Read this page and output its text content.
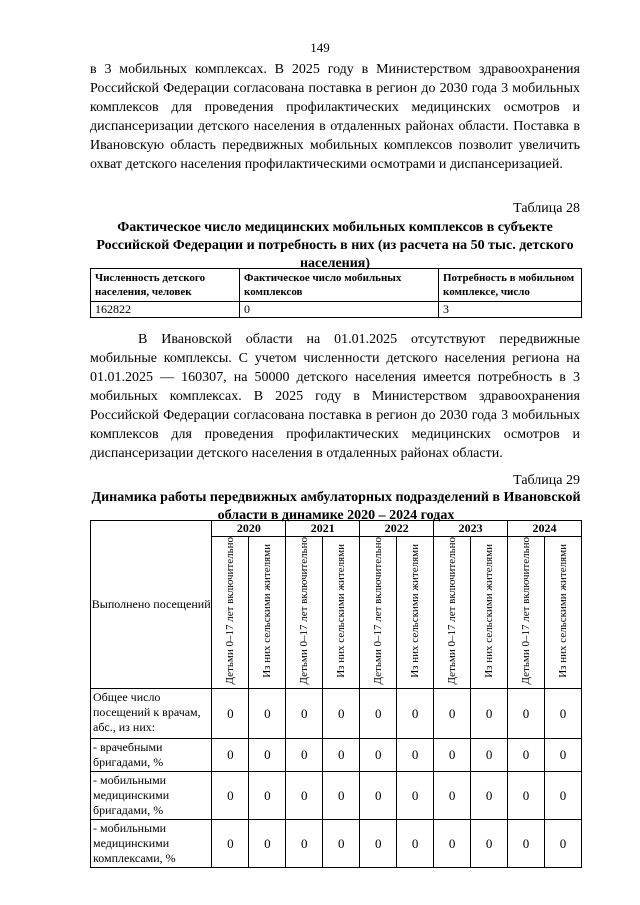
149

в 3 мобильных комплексах. В 2025 году в Министерством здравоохранения Российской Федерации согласована поставка в регион до 2030 года 3 мобильных комплексов для проведения профилактических медицинских осмотров и диспансеризации детского населения в отдаленных районах области. Поставка в Ивановскую область передвижных мобильных комплексов позволит увеличить охват детского населения профилактическими осмотрами и диспансеризацией.

Таблица 28

Фактическое число медицинских мобильных комплексов в субъекте Российской Федерации и потребность в них (из расчета на 50 тыс. детского населения)

Численность детского населения, человек	Фактическое число мобильных комплексов	Потребность в мобильном комплексе, число
162822	0	3

В Ивановской области на 01.01.2025 отсутствуют передвижные мобильные комплексы. С учетом численности детского населения региона на 01.01.2025 — 160307, на 50000 детского населения имеется потребность в 3 мобильных комплексах. В 2025 году в Министерством здравоохранения Российской Федерации согласована поставка в регион до 2030 года 3 мобильных комплексов для проведения профилактических медицинских осмотров и диспансеризации детского населения в отдаленных районах области.

Таблица 29

Динамика работы передвижных амбулаторных подразделений в Ивановской области в динамике 2020 – 2024 годах

Выполнено посещений	2020		2021		2022		2023		2024	
	Детьми 0–17 лет включительно	Из них сельскими жителями	Детьми 0–17 лет включительно	Из них сельскими жителями	Детьми 0–17 лет включительно	Из них сельскими жителями	Детьми 0–17 лет включительно	Из них сельскими жителями	Детьми 0–17 лет включительно	Из них сельскими жителями
Общее число посещений к врачам, абс., из них:	0	0	0	0	0	0	0	0	0	0
- врачебными бригадами, %	0	0	0	0	0	0	0	0	0	0
- мобильными медицинскими бригадами, %	0	0	0	0	0	0	0	0	0	0
- мобильными медицинскими комплексами, %	0	0	0	0	0	0	0	0	0	0
